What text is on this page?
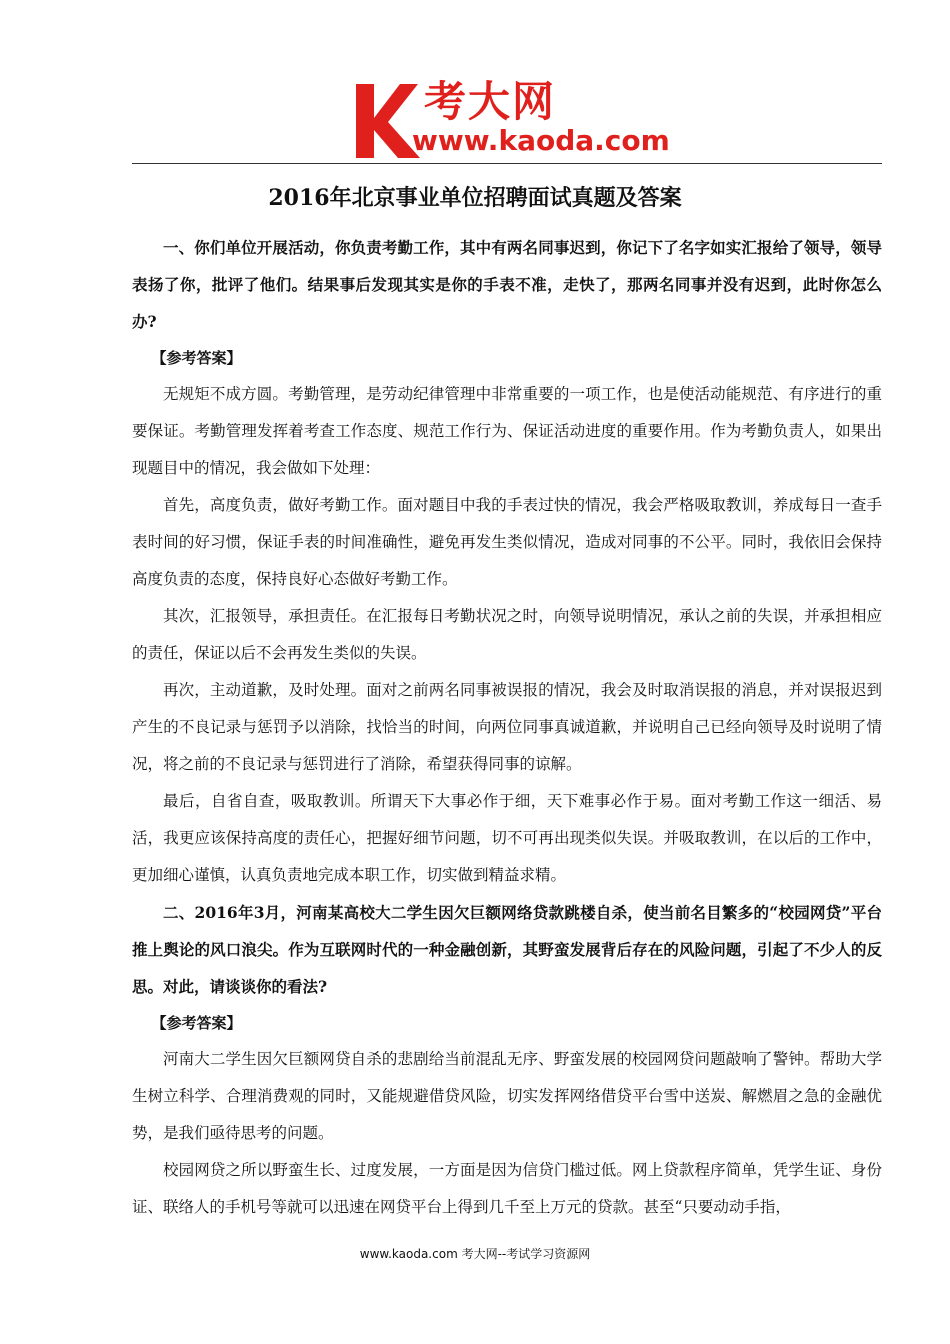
考大网
www.kaoda.com
2016年北京事业单位招聘面试真题及答案

一、你们单位开展活动，你负责考勤工作，其中有两名同事迟到，你记下了名字如实汇报给了领导，领导表扬了你，批评了他们。结果事后发现其实是你的手表不准，走快了，那两名同事并没有迟到，此时你怎么办?

【参考答案】

无规矩不成方圆。考勤管理，是劳动纪律管理中非常重要的一项工作，也是使活动能规范、有序进行的重要保证。考勤管理发挥着考查工作态度、规范工作行为、保证活动进度的重要作用。作为考勤负责人，如果出现题目中的情况，我会做如下处理：

首先，高度负责，做好考勤工作。面对题目中我的手表过快的情况，我会严格吸取教训，养成每日一查手表时间的好习惯，保证手表的时间准确性，避免再发生类似情况，造成对同事的不公平。同时，我依旧会保持高度负责的态度，保持良好心态做好考勤工作。

其次，汇报领导，承担责任。在汇报每日考勤状况之时，向领导说明情况，承认之前的失误，并承担相应的责任，保证以后不会再发生类似的失误。

再次，主动道歉，及时处理。面对之前两名同事被误报的情况，我会及时取消误报的消息，并对误报迟到产生的不良记录与惩罚予以消除，找恰当的时间，向两位同事真诚道歉，并说明自己已经向领导及时说明了情况，将之前的不良记录与惩罚进行了消除，希望获得同事的谅解。

最后，自省自查，吸取教训。所谓天下大事必作于细，天下难事必作于易。面对考勤工作这一细活、易活，我更应该保持高度的责任心，把握好细节问题，切不可再出现类似失误。并吸取教训，在以后的工作中，更加细心谨慎，认真负责地完成本职工作，切实做到精益求精。

二、2016年3月，河南某高校大二学生因欠巨额网络贷款跳楼自杀，使当前名目繁多的“校园网贷”平台推上舆论的风口浪尖。作为互联网时代的一种金融创新，其野蛮发展背后存在的风险问题，引起了不少人的反思。对此，请谈谈你的看法?

【参考答案】

河南大二学生因欠巨额网贷自杀的悲剧给当前混乱无序、野蛮发展的校园网贷问题敲响了警钟。帮助大学生树立科学、合理消费观的同时，又能规避借贷风险，切实发挥网络借贷平台雪中送炭、解燃眉之急的金融优势，是我们亟待思考的问题。

校园网贷之所以野蛮生长、过度发展，一方面是因为信贷门槛过低。网上贷款程序简单，凭学生证、身份证、联络人的手机号等就可以迅速在网贷平台上得到几千至上万元的贷款。甚至“只要动动手指，

www.kaoda.com 考大网--考试学习资源网
